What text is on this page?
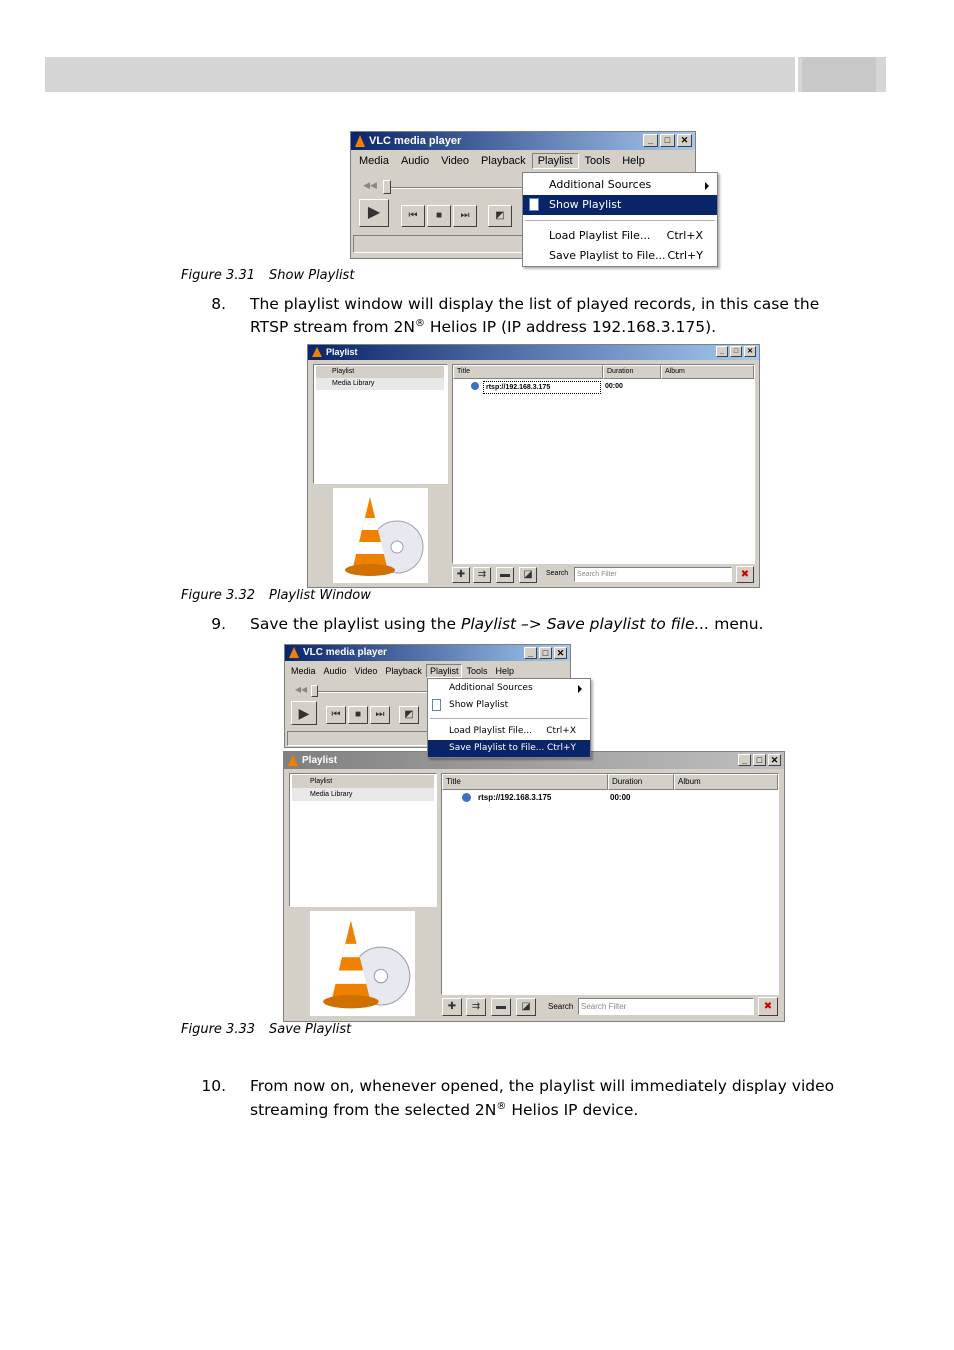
VLC media player	_	□	✕
Media	Audio	Video	Playback	Playlist	Tools	Help
◀◀
▶	⏮	■	⏭	◩
Additional Sources
Show Playlist
Load Playlist File... Ctrl+X
Save Playlist to File... Ctrl+Y
Figure 3.31 Show Playlist
8. The playlist window will display the list of played records, in this case the
RTSP stream from 2N® Helios IP (IP address 192.168.3.175).
Playlist	_	□	✕
Playlist
Media Library
Title	Duration	Album
rtsp://192.168.3.175	00:00
✚	⇉	▬	◪	Search	Search Filter	✖
Figure 3.32 Playlist Window
9. Save the playlist using the Playlist –> Save playlist to file... menu.
VLC media player	_	□ ✕
Media Audio Video Playback Playlist Tools Help
◀◀
▶	⏮	■	⏭	◩
Playlist	_	□ ✕
Playlist
Media Library
Title	Duration	Album
rtsp://192.168.3.175	00:00
✚	⇉	▬	◪	Search Search Filter	✖
Additional Sources
Show Playlist
Load Playlist File... Ctrl+X
Save Playlist to File... Ctrl+Y
Figure 3.33 Save Playlist
10. From now on, whenever opened, the playlist will immediately display video
streaming from the selected 2N® Helios IP device.
